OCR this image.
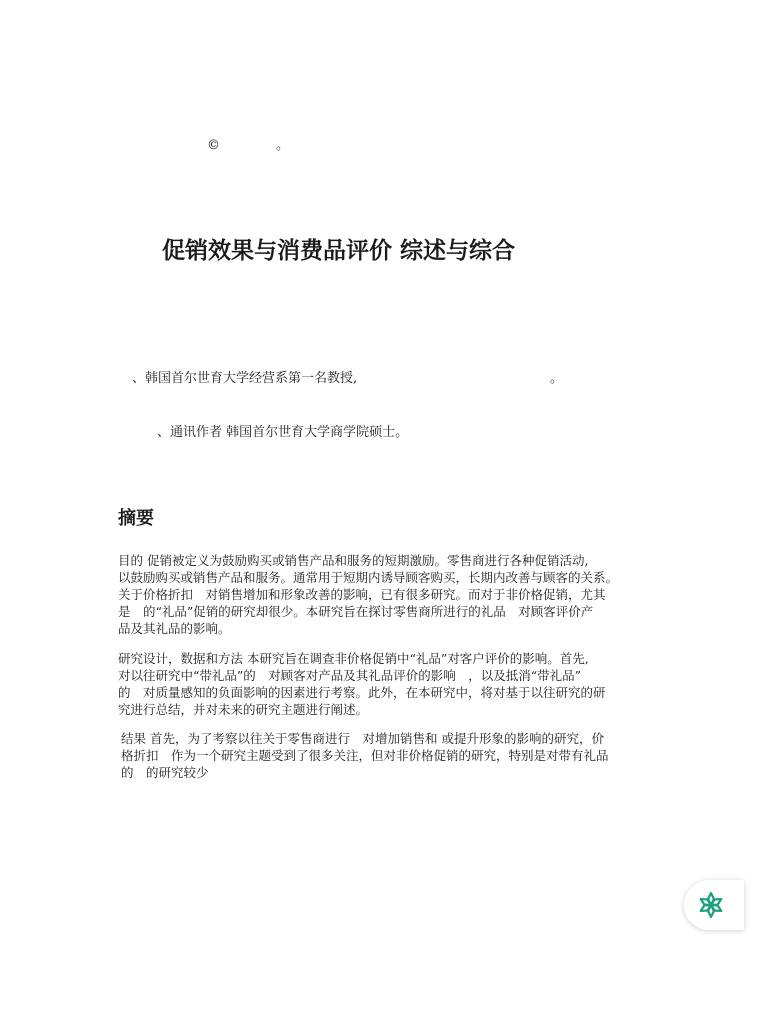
©	。
促销效果与消费品评价 综述与综合
、韩国首尔世育大学经营系第一名教授,	。
、通讯作者 韩国首尔世育大学商学院硕士。
摘要
目的 促销被定义为鼓励购买或销售产品和服务的短期激励。零售商进行各种促销活动,
以鼓励购买或销售产品和服务。通常用于短期内诱导顾客购买，长期内改善与顾客的关系。
关于价格折扣　对销售增加和形象改善的影响，已有很多研究。而对于非价格促销，尤其
是　的“礼品”促销的研究却很少。本研究旨在探讨零售商所进行的礼品　对顾客评价产
品及其礼品的影响。
研究设计，数据和方法 本研究旨在调查非价格促销中“礼品”对客户评价的影响。首先,
对以往研究中“带礼品”的　对顾客对产品及其礼品评价的影响　，以及抵消“带礼品”
的　对质量感知的负面影响的因素进行考察。此外，在本研究中，将对基于以往研究的研
究进行总结，并对未来的研究主题进行阐述。
结果 首先，为了考察以往关于零售商进行　对增加销售和 或提升形象的影响的研究，价
格折扣　作为一个研究主题受到了很多关注，但对非价格促销的研究，特别是对带有礼品
的　的研究较少
